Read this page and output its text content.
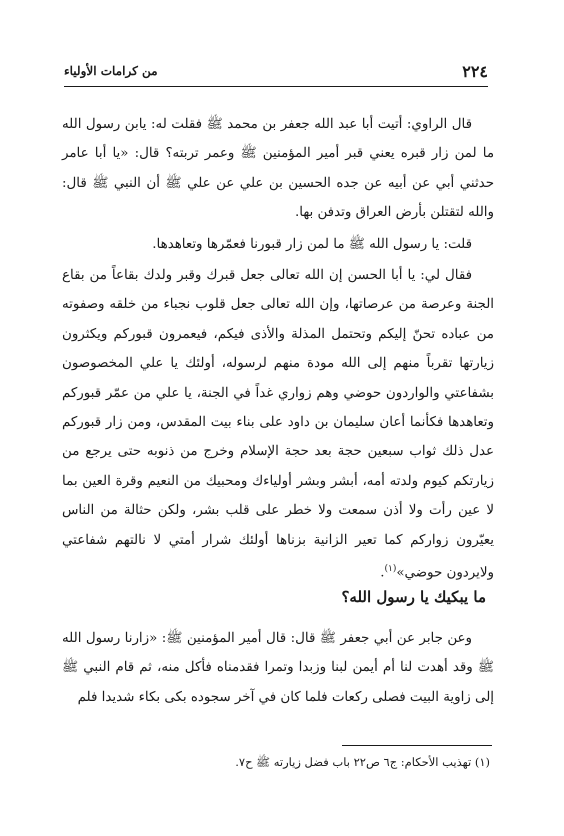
٢٢٤
من كرامات الأولياء

قال الراوي: أتيت أبا عبد الله جعفر بن محمد ﷺ فقلت له: يابن رسول الله ما لمن زار قبره يعني قبر أمير المؤمنين ﷺ وعمر تربته؟ قال: «يا أبا عامر حدثني أبي عن أبيه عن جده الحسين بن علي عن علي ﷺ أن النبي ﷺ قال: والله لتقتلن بأرض العراق وتدفن بها.

قلت: يا رسول الله ﷺ ما لمن زار قبورنا فعمّرها وتعاهدها.

فقال لي: يا أبا الحسن إن الله تعالى جعل قبرك وقبر ولدك بقاعاً من بقاع الجنة وعرصة من عرصاتها، وإن الله تعالى جعل قلوب نجباء من خلقه وصفوته من عباده تحنّ إليكم وتحتمل المذلة والأذى فيكم، فيعمرون قبوركم ويكثرون زيارتها تقرباً منهم إلى الله مودة منهم لرسوله، أولئك يا علي المخصوصون بشفاعتي والواردون حوضي وهم زواري غداً في الجنة، يا علي من عمّر قبوركم وتعاهدها فكأنما أعان سليمان بن داود على بناء بيت المقدس، ومن زار قبوركم عدل ذلك ثواب سبعين حجة بعد حجة الإسلام وخرج من ذنوبه حتى يرجع من زيارتكم كيوم ولدته أمه، أبشر وبشر أولياءك ومحبيك من النعيم وقرة العين بما لا عين رأت ولا أذن سمعت ولا خطر على قلب بشر، ولكن حثالة من الناس يعيّرون زواركم كما تعير الزانية بزناها أولئك شرار أمتي لا نالتهم شفاعتي ولايردون حوضي»$^{(١)}$.

ما يبكيك يا رسول الله؟

وعن جابر عن أبي جعفر ﷺ قال: قال أمير المؤمنين ﷺ: «زارنا رسول الله ﷺ وقد أهدت لنا أم أيمن لبنا وزبدا وتمرا فقدمناه فأكل منه، ثم قام النبي ﷺ إلى زاوية البيت فصلى ركعات فلما كان في آخر سجوده بكى بكاء شديدا فلم

(١) تهذيب الأحكام: ج٦ ص٢٢ باب فضل زيارته ﷺ ح٧.
